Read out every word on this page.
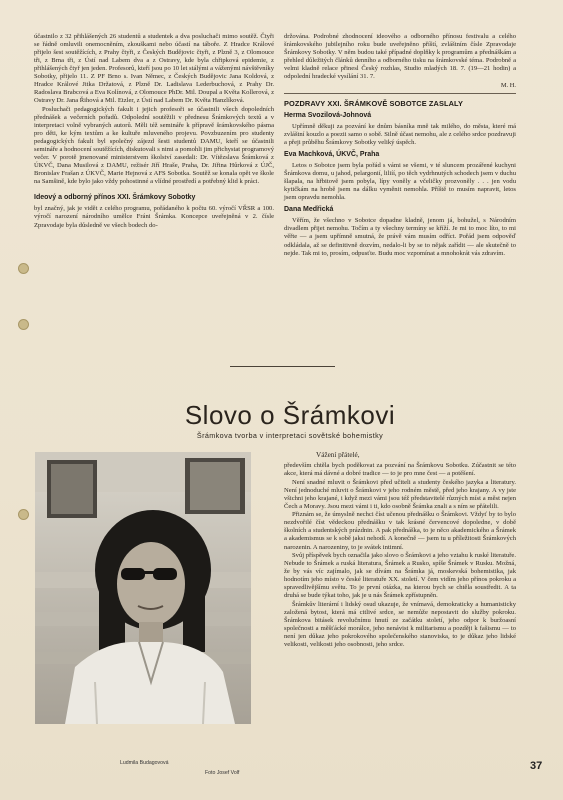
účastnilo z 32 přihlášených 26 studentů a studentek a dva posluchači mimo soutěž. Čtyři se řádně omluvili onemocněním, zkouškami nebo účastí na táboře. Z Hradce Králové přijelo šest soutěžících, z Prahy čtyři, z Českých Budějovic čtyři, z Plzně 3, z Olomouce tři, z Brna tři, z Ústí nad Labem dva a z Ostravy, kde byla chřipková epidemie, z přihlášených čtyř jen jeden. Profesorů, kteří jsou po 10 let stálými a váženými návštěvníky Sobotky, přijelo 11. Z PF Brno s. Ivan Němec, z Českých Budějovic Jana Koldová, z Hradce Králové Jitka Držatová, z Plzně Dr. Ladislava Lederbuchová, z Prahy Dr. Radoslava Brabcová a Eva Kolínová, z Olomouce PhDr. Mil. Doupal a Květa Kollerová, z Ostravy Dr. Jana Řihová a Mil. Etzler, z Ústí nad Labem Dr. Květa Hanzlíková.

Posluchači pedagogických fakult i jejich profesoři se účastnili všech dopoledních přednášek a večerních pořadů. Odpolední soutěžili v přednesu Šrámkových textů a v interpretaci volně vybraných autorů. Měli též semináře k přípravě šrámkovského pásma pro děti, ke kým textům a ke kultuře mluveného projevu. Povzbuzením pro studenty pedagogických fakult byl společný zájezd šesti studentů DAMU, kteří se účastnili semináře a hodnocení soutěžících, diskutovali s nimi a pomohli jim přichystat programový večer. V porotě jmenované ministerstvem školství zasedali: Dr. Vítězslava Šrámková z ÚKVČ, Dana Musilová z DAMU, režisér Jiří Hraše, Praha, Dr. Jiřina Hůrková z ÚJČ, Bronislav Frašan z ÚKVČ, Marie Hejnová z AFS Sobotka. Soutěž se konala opět ve škole na Samšině, kde bylo jako vždy pohostinné a vlídné prostředí a potřebný klid k práci.

Ideový a odborný přínos XXI. Šrámkovy Sobotky

byl značný, jak je vidět z celého programu, pořádaného k počtu 60. výročí VŘSR a 100. výročí narození národního umělce Fráni Šrámka. Koncepce uveřejněná v 2. čísle Zpravodaje byla důsledně ve všech bodech do-

držována. Podrobné zhodnocení ideového a odborného přínosu festivalu a celého šrámkovského jubilejního roku bude uveřejněno příští, zvláštním čísle Zpravodaje Šrámkovy Sobotky. V něm budou také případné doplňky k programům a přednáškám a přehled důležitých článků denního a odborného tisku na šrámkovské téma. Podrobně a velmi kladně relace přinesl Český rozhlas, Studio mladých 18. 7. (19—21 hodin) a odpolední hradecké vysílání 31. 7.

M. H.

POZDRAVY XXI. ŠRÁMKOVĚ SOBOTCE ZASLALY
Herma Svozilová-Johnová

Upřímně děkuji za pozvání ke dnům básníka mně tak milého, do města, které má zvláštní kouzlo a poezii samo o sobě. Silně účast nemohu, ale z celého srdce pozdravuji a přeji průběhu Šrámkovy Sobotky veliký úspěch.

Eva Machková, ÚKVČ, Praha

Letos o Sobotce jsem byla pořád s vámi se všemi, v té sluncem prozářené kuchyni Šrámkova domu, u jahod, pelargonií, liliíí, po těch vydrhnutých schodech jsem v duchu šlapala, na hřbitově jsem pobyla, lípy voněly a včeličky prozvoněly . . . jen vodu kytičkám na hrobě jsem na dálku vyměnit nemohla. Příště to musím napravit, letos jsem opravdu nemohla.

Dana Medřická

Věřím, že všechno v Sobotce dopadne kladně, jenom já, bohužel, s Národním divadlem přijet nemohu. Točím a ty všechny termíny se kříží. Je mi to moc líto, to mi věřte — a jsem upřímně smutná, že právě vám musím odříct. Pořád jsem odpověď odkládala, až se definitivně dozvím, nedalo-li by se to nějak zařídit — ale skutečně to nejde. Tak mi to, prosím, odpusťte. Budu moc vzpomínat a mnohokrát vás zdravím.

Slovo o Šrámkovi
Šrámkova tvorba v interpretaci sovětské bohemistky
Ludmila Budagovová
Foto Josef Volf

Vážení přátelé,

především chtěla bych poděkovat za pozvání na Šrámkovu Sobotku. Zúčastnit se této akce, která má dávné a dobré tradice — to je pro mne čest — a potěšení.

Není snadné mluvit o Šrámkovi před učiteli a studenty českého jazyka a literatury. Není jednoduché mluvit o Šrámkovi v jeho rodném městě, před jeho krajany. A vy jste všichni jeho krajané, i když mezi vámi jsou též představitelé různých míst a měst nejen Čech a Moravy. Jsou mezi vámi i ti, kdo osobně Šrámka znali a s ním se přátelili.

Přiznám se, že úmyslně nechci číst učenou přednášku o Šrámkovi. Vždyť by to bylo nezdvořilé číst vědeckou přednášku v tak krásné červencové dopoledne, v době školních a studentských prázdnin. A pak přednáška, to je něco akademického a Šrámek a akademismus se k sobě jaksi nehodí. A konečně — jsem tu u příležitosti Šrámkových narozenin. A narozeniny, to je svátek intimní.

Svůj příspěvek bych označila jako slovo o Šrámkovi a jeho vztahu k ruské literatuře. Nebude to Šrámek a ruská literatura, Šrámek a Rusko, spíše Šrámek v Rusku. Možná, že by vás víc zajímalo, jak se dívám na Šrámka já, moskevská bohemistika, jak hodnotím jeho místo v české literatuře XX. století. V čem vidím jeho přínos pokroku a spravedlivějšímu světu. To je první otázka, na kterou bych se chtěla soustředit. A ta druhá se bude týkat toho, jak je u nás Šrámek zpřístupněn.

Šrámkův literární i lidský osud ukazuje, že vnímavá, demokraticky a humanisticky založená bytost, která má citlivé srdce, se nemůže nepostavit do služby pokroku. Šrámkova bitásek revolučnímu hnutí ze začátku století, jeho odpor k buržoasní společnosti a měšťácké morálce, jeho nenávist k militarismu a později k fašismu — to není jen důkaz jeho pokrokového společenského stanoviska, to je důkaz jeho lidské velikosti, velikosti jeho osobnosti, jeho srdce.

37
